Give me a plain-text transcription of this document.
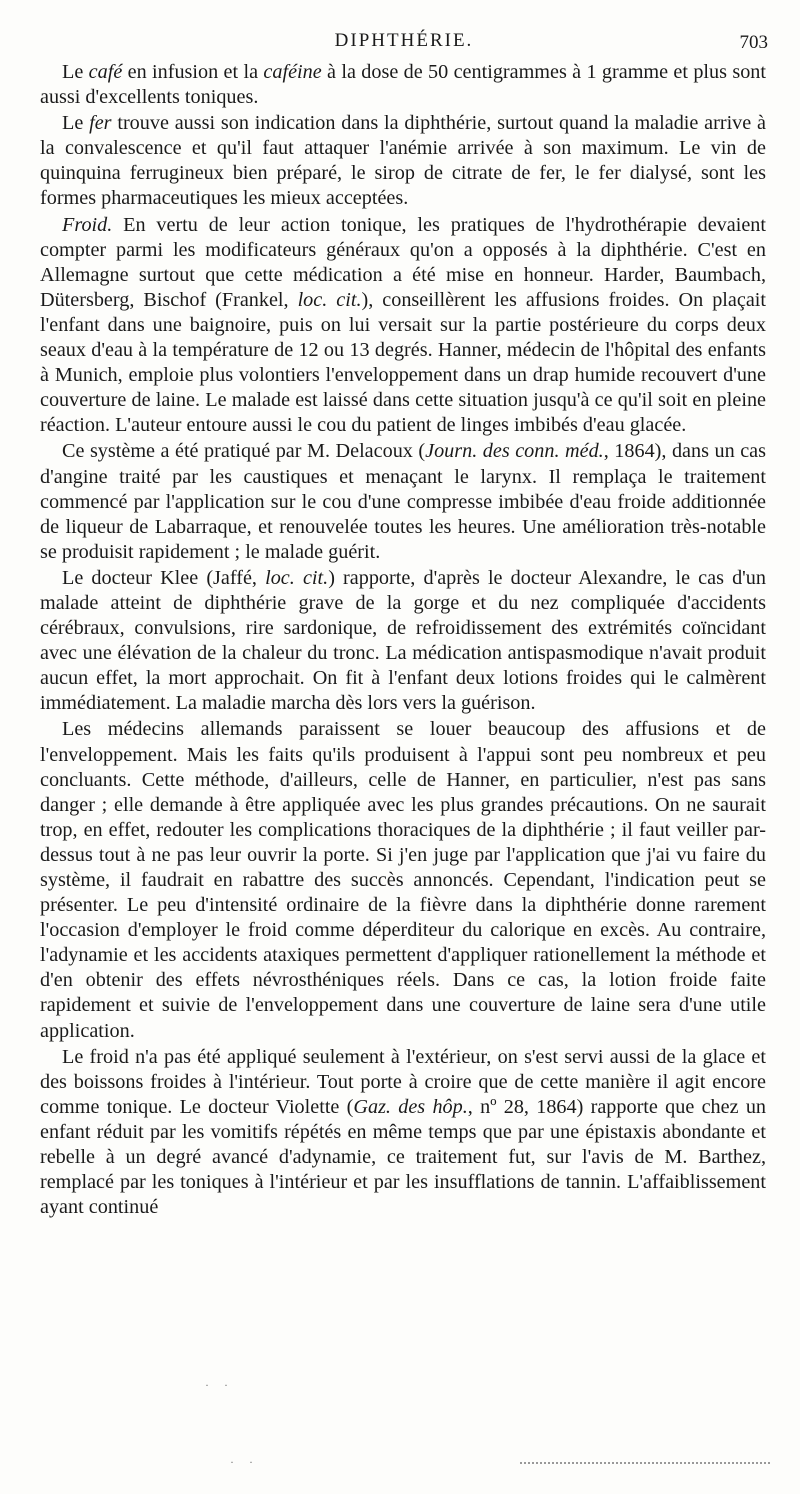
DIPHTHÉRIE.	703

Le café en infusion et la caféine à la dose de 50 centigrammes à 1 gramme et plus sont aussi d'excellents toniques.

Le fer trouve aussi son indication dans la diphthérie, surtout quand la maladie arrive à la convalescence et qu'il faut attaquer l'anémie arrivée à son maximum. Le vin de quinquina ferrugineux bien préparé, le sirop de citrate de fer, le fer dialysé, sont les formes pharmaceutiques les mieux acceptées.

Froid. En vertu de leur action tonique, les pratiques de l'hydrothérapie devaient compter parmi les modificateurs généraux qu'on a opposés à la diphthérie. C'est en Allemagne surtout que cette médication a été mise en honneur. Harder, Baumbach, Dütersberg, Bischof (Frankel, loc. cit.), conseillèrent les affusions froides. On plaçait l'enfant dans une baignoire, puis on lui versait sur la partie postérieure du corps deux seaux d'eau à la température de 12 ou 13 degrés. Hanner, médecin de l'hôpital des enfants à Munich, emploie plus volontiers l'enveloppement dans un drap humide recouvert d'une couverture de laine. Le malade est laissé dans cette situation jusqu'à ce qu'il soit en pleine réaction. L'auteur entoure aussi le cou du patient de linges imbibés d'eau glacée.

Ce système a été pratiqué par M. Delacoux (Journ. des conn. méd., 1864), dans un cas d'angine traité par les caustiques et menaçant le larynx. Il remplaça le traitement commencé par l'application sur le cou d'une compresse imbibée d'eau froide additionnée de liqueur de Labarraque, et renouvelée toutes les heures. Une amélioration très-notable se produisit rapidement ; le malade guérit.

Le docteur Klee (Jaffé, loc. cit.) rapporte, d'après le docteur Alexandre, le cas d'un malade atteint de diphthérie grave de la gorge et du nez compliquée d'accidents cérébraux, convulsions, rire sardonique, de refroidissement des extrémités coïncidant avec une élévation de la chaleur du tronc. La médication antispasmodique n'avait produit aucun effet, la mort approchait. On fit à l'enfant deux lotions froides qui le calmèrent immédiatement. La maladie marcha dès lors vers la guérison.

Les médecins allemands paraissent se louer beaucoup des affusions et de l'enveloppement. Mais les faits qu'ils produisent à l'appui sont peu nombreux et peu concluants. Cette méthode, d'ailleurs, celle de Hanner, en particulier, n'est pas sans danger ; elle demande à être appliquée avec les plus grandes précautions. On ne saurait trop, en effet, redouter les complications thoraciques de la diphthérie ; il faut veiller par-dessus tout à ne pas leur ouvrir la porte. Si j'en juge par l'application que j'ai vu faire du système, il faudrait en rabattre des succès annoncés. Cependant, l'indication peut se présenter. Le peu d'intensité ordinaire de la fièvre dans la diphthérie donne rarement l'occasion d'employer le froid comme déperditeur du calorique en excès. Au contraire, l'adynamie et les accidents ataxiques permettent d'appliquer rationellement la méthode et d'en obtenir des effets névrosthéniques réels. Dans ce cas, la lotion froide faite rapidement et suivie de l'enveloppement dans une couverture de laine sera d'une utile application.

Le froid n'a pas été appliqué seulement à l'extérieur, on s'est servi aussi de la glace et des boissons froides à l'intérieur. Tout porte à croire que de cette manière il agit encore comme tonique. Le docteur Violette (Gaz. des hôp., nº 28, 1864) rapporte que chez un enfant réduit par les vomitifs répétés en même temps que par une épistaxis abondante et rebelle à un degré avancé d'adynamie, ce traitement fut, sur l'avis de M. Barthez, remplacé par les toniques à l'intérieur et par les insufflations de tannin. L'affaiblissement ayant continué

· ·
· ·
